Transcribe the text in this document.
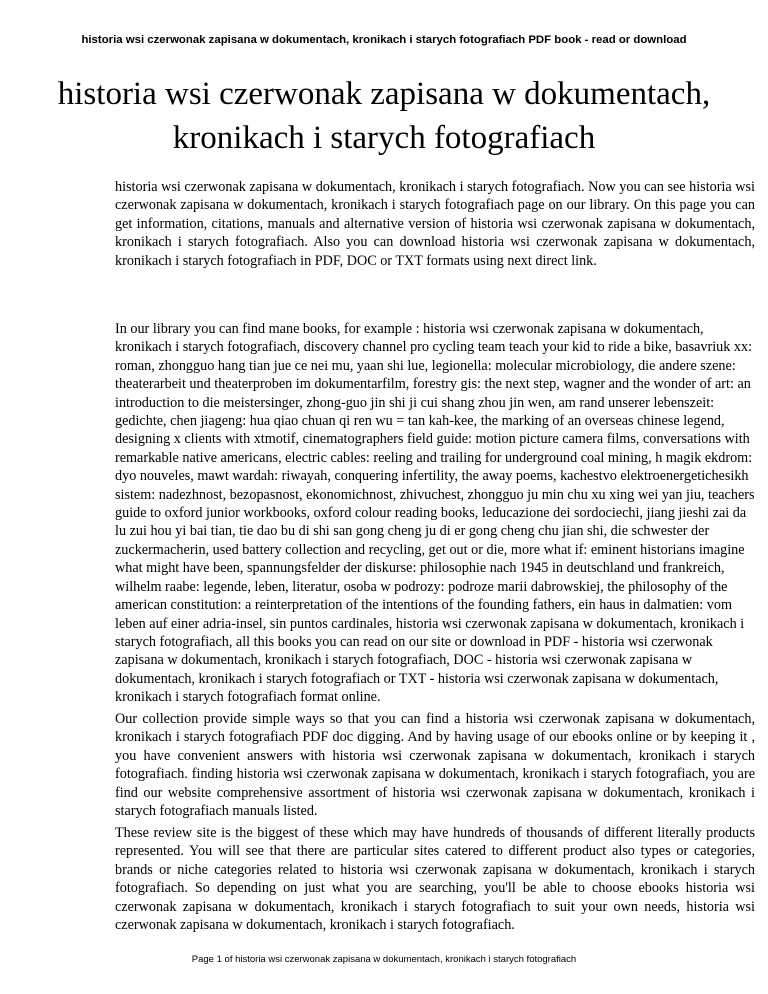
historia wsi czerwonak zapisana w dokumentach, kronikach i starych fotografiach PDF book - read or download
historia wsi czerwonak zapisana w dokumentach, kronikach i starych fotografiach

historia wsi czerwonak zapisana w dokumentach, kronikach i starych fotografiach. Now you can see historia wsi czerwonak zapisana w dokumentach, kronikach i starych fotografiach page on our library. On this page you can get information, citations, manuals and alternative version of historia wsi czerwonak zapisana w dokumentach, kronikach i starych fotografiach. Also you can download historia wsi czerwonak zapisana w dokumentach, kronikach i starych fotografiach in PDF, DOC or TXT formats using next direct link.

In our library you can find mane books, for example : historia wsi czerwonak zapisana w dokumentach, kronikach i starych fotografiach, discovery channel pro cycling team teach your kid to ride a bike, basavriuk xx: roman, zhongguo hang tian jue ce nei mu, yaan shi lue, legionella: molecular microbiology, die andere szene: theaterarbeit und theaterproben im dokumentarfilm, forestry gis: the next step, wagner and the wonder of art: an introduction to die meistersinger, zhong-guo jin shi ji cui shang zhou jin wen, am rand unserer lebenszeit: gedichte, chen jiageng: hua qiao chuan qi ren wu = tan kah-kee, the marking of an overseas chinese legend, designing x clients with xtmotif, cinematographers field guide: motion picture camera films, conversations with remarkable native americans, electric cables: reeling and trailing for underground coal mining, h magik ekdrom: dyo nouveles, mawt wardah: riwayah, conquering infertility, the away poems, kachestvo elektroenergetichesikh sistem: nadezhnost, bezopasnost, ekonomichnost, zhivuchest, zhongguo ju min chu xu xing wei yan jiu, teachers guide to oxford junior workbooks, oxford colour reading books, leducazione dei sordociechi, jiang jieshi zai da lu zui hou yi bai tian, tie dao bu di shi san gong cheng ju di er gong cheng chu jian shi, die schwester der zuckermacherin, used battery collection and recycling, get out or die, more what if: eminent historians imagine what might have been, spannungsfelder der diskurse: philosophie nach 1945 in deutschland und frankreich, wilhelm raabe: legende, leben, literatur, osoba w podrozy: podroze marii dabrowskiej, the philosophy of the american constitution: a reinterpretation of the intentions of the founding fathers, ein haus in dalmatien: vom leben auf einer adria-insel, sin puntos cardinales, historia wsi czerwonak zapisana w dokumentach, kronikach i starych fotografiach, all this books you can read on our site or download in PDF - historia wsi czerwonak zapisana w dokumentach, kronikach i starych fotografiach, DOC - historia wsi czerwonak zapisana w dokumentach, kronikach i starych fotografiach or TXT - historia wsi czerwonak zapisana w dokumentach, kronikach i starych fotografiach format online.

Our collection provide simple ways so that you can find a historia wsi czerwonak zapisana w dokumentach, kronikach i starych fotografiach PDF doc digging. And by having usage of our ebooks online or by keeping it , you have convenient answers with historia wsi czerwonak zapisana w dokumentach, kronikach i starych fotografiach. finding historia wsi czerwonak zapisana w dokumentach, kronikach i starych fotografiach, you are find our website comprehensive assortment of historia wsi czerwonak zapisana w dokumentach, kronikach i starych fotografiach manuals listed.

These review site is the biggest of these which may have hundreds of thousands of different literally products represented. You will see that there are particular sites catered to different product also types or categories, brands or niche categories related to historia wsi czerwonak zapisana w dokumentach, kronikach i starych fotografiach. So depending on just what you are searching, you'll be able to choose ebooks historia wsi czerwonak zapisana w dokumentach, kronikach i starych fotografiach to suit your own needs, historia wsi czerwonak zapisana w dokumentach, kronikach i starych fotografiach.

Page 1 of historia wsi czerwonak zapisana w dokumentach, kronikach i starych fotografiach
